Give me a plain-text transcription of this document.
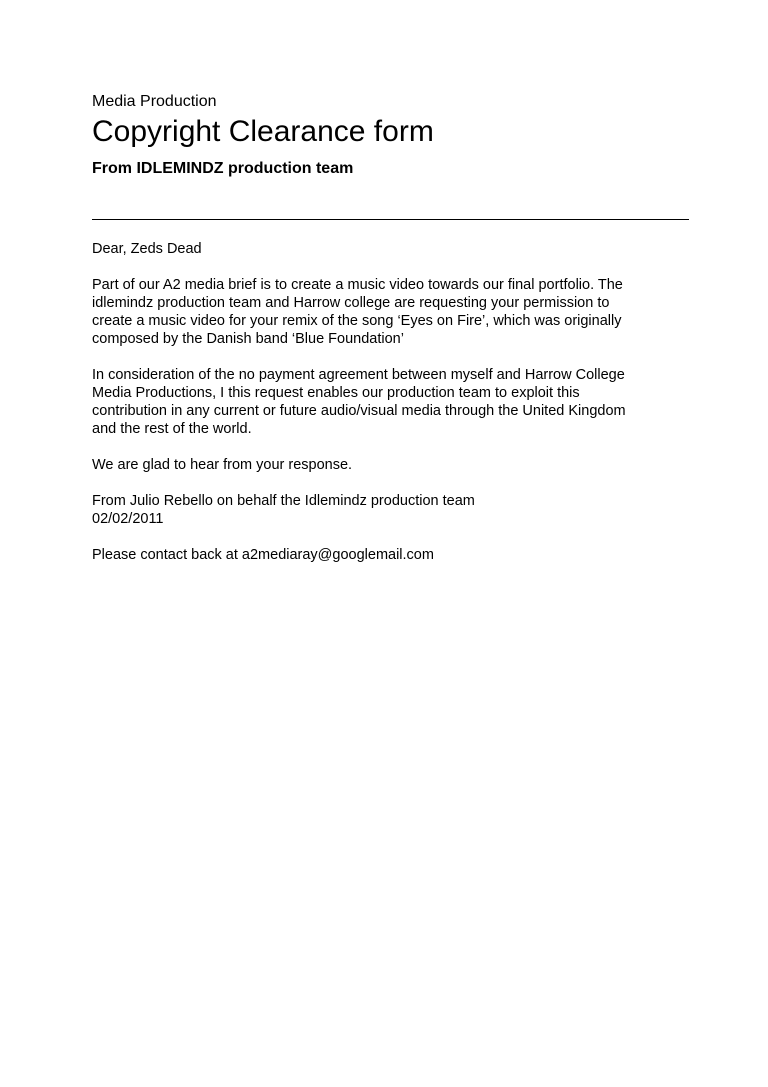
Media Production

Copyright Clearance form

From IDLEMINDZ production team

Dear, Zeds Dead

Part of our A2 media brief is to create a music video towards our final portfolio. The
idlemindz production team and Harrow college are requesting your permission to
create a music video for your remix of the song ‘Eyes on Fire’, which was originally
composed by the Danish band ‘Blue Foundation’

In consideration of the no payment agreement between myself and Harrow College
Media Productions, I this request enables our production team to exploit this
contribution in any current or future audio/visual media through the United Kingdom
and the rest of the world.

We are glad to hear from your response.

From Julio Rebello on behalf the Idlemindz production team
02/02/2011

Please contact back at a2mediaray@googlemail.com
